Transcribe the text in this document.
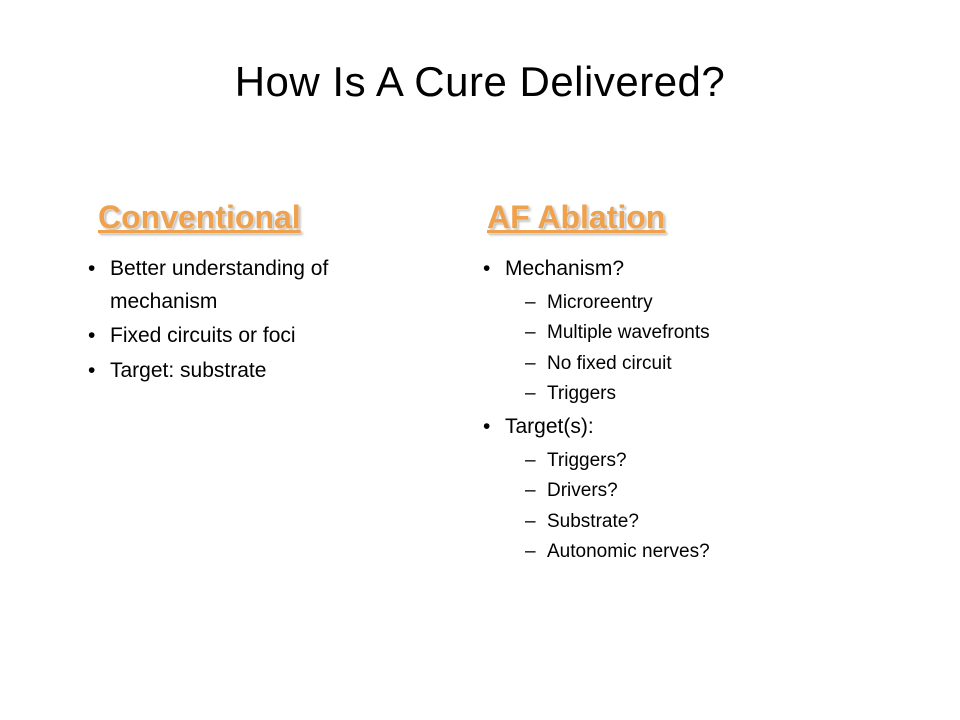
How Is A Cure Delivered?
Conventional
• Better understanding of mechanism
• Fixed circuits or foci
• Target: substrate
AF Ablation
• Mechanism?
– Microreentry
– Multiple wavefronts
– No fixed circuit
– Triggers
• Target(s):
– Triggers?
– Drivers?
– Substrate?
– Autonomic nerves?
